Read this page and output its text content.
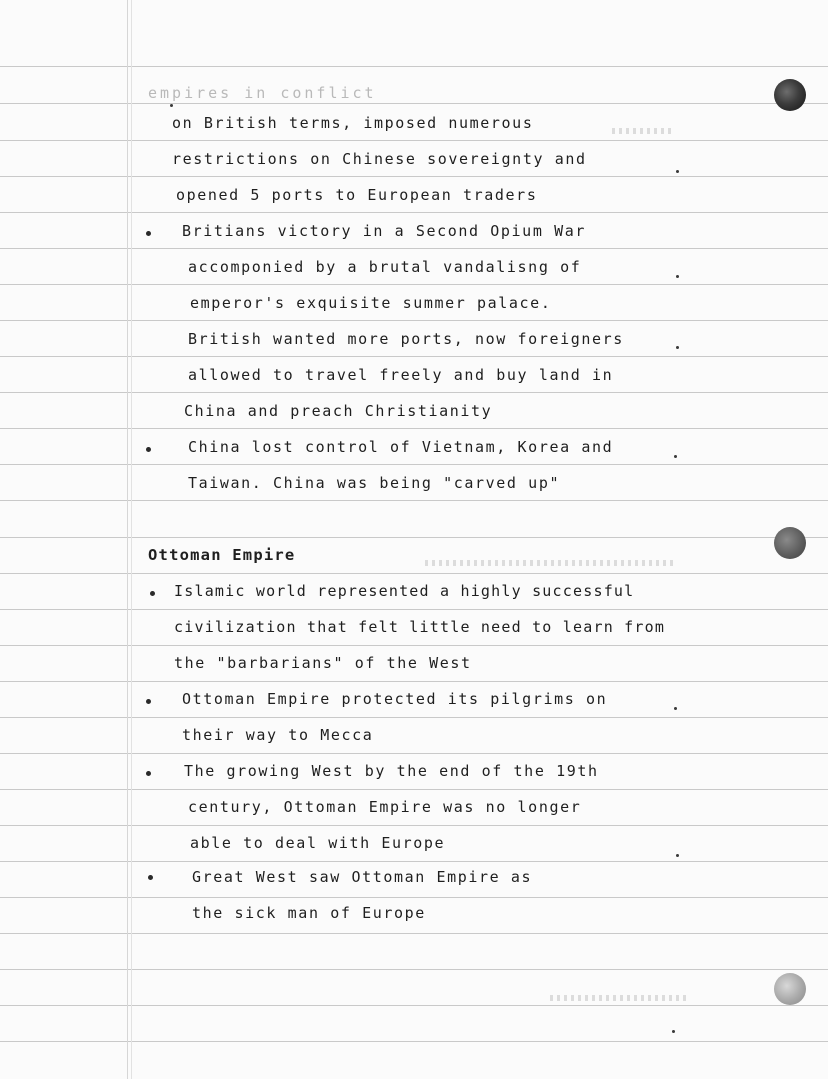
empires in conflict
on British terms, imposed numerous
restrictions on Chinese sovereignty and
opened 5 ports to European traders
Britians victory in a Second Opium War
accomponied by a brutal vandalisng of
emperor's exquisite summer palace.
British wanted more ports, now foreigners
allowed to travel freely and buy land in
China and preach Christianity
China lost control of Vietnam, Korea and
Taiwan. China was being "carved up"
Ottoman Empire
Islamic world represented a highly successful
civilization that felt little need to learn from
the "barbarians" of the West
Ottoman Empire protected its pilgrims on
their way to Mecca
The growing West by the end of the 19th
century, Ottoman Empire was no longer
able to deal with Europe
Great West saw Ottoman Empire as
the sick man of Europe
